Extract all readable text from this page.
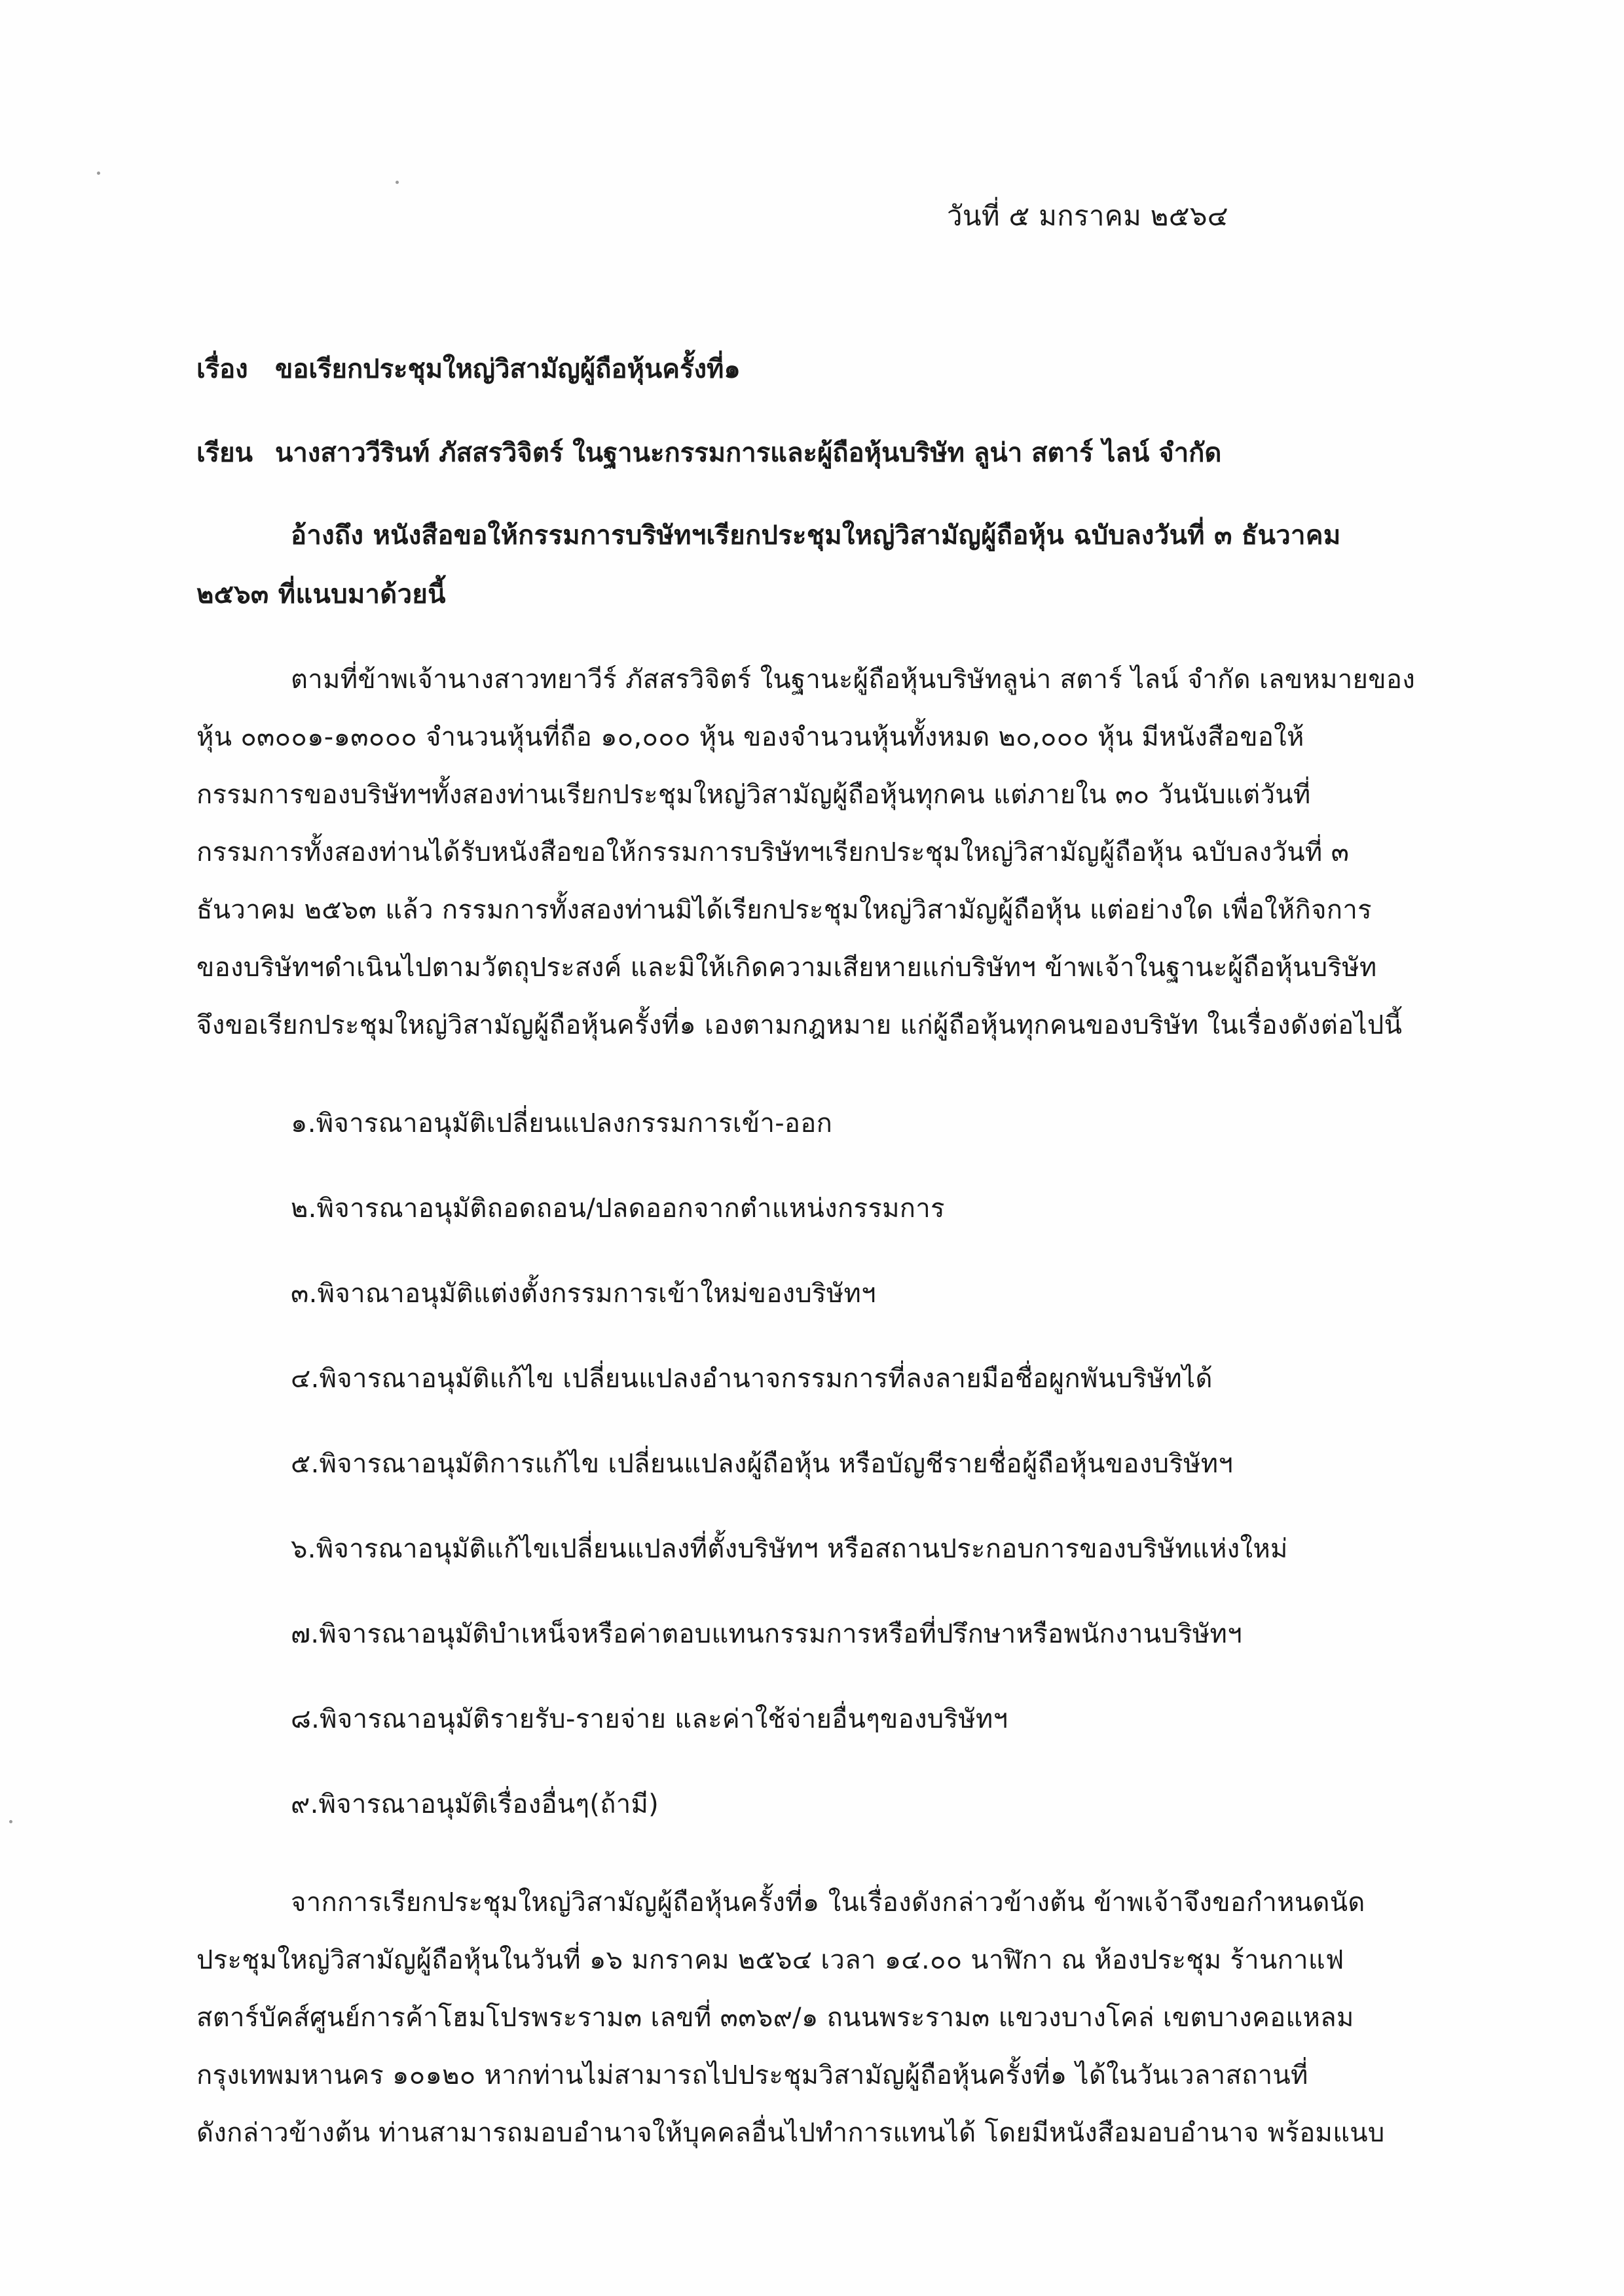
วันที่ ๕ มกราคม ๒๕๖๔
เรื่อง ขอเรียกประชุมใหญ่วิสามัญผู้ถือหุ้นครั้งที่๑
เรียน นางสาววีรินท์ ภัสสรวิจิตร์ ในฐานะกรรมการและผู้ถือหุ้นบริษัท ลูน่า สตาร์ ไลน์ จำกัด
อ้างถึง หนังสือขอให้กรรมการบริษัทฯเรียกประชุมใหญ่วิสามัญผู้ถือหุ้น ฉบับลงวันที่ ๓ ธันวาคม
๒๕๖๓ ที่แนบมาด้วยนี้
ตามที่ข้าพเจ้านางสาวทยาวีร์ ภัสสรวิจิตร์ ในฐานะผู้ถือหุ้นบริษัทลูน่า สตาร์ ไลน์ จำกัด เลขหมายของ
หุ้น ๐๓๐๐๑-๑๓๐๐๐ จำนวนหุ้นที่ถือ ๑๐,๐๐๐ หุ้น ของจำนวนหุ้นทั้งหมด ๒๐,๐๐๐ หุ้น มีหนังสือขอให้
กรรมการของบริษัทฯทั้งสองท่านเรียกประชุมใหญ่วิสามัญผู้ถือหุ้นทุกคน แต่ภายใน ๓๐ วันนับแต่วันที่
กรรมการทั้งสองท่านได้รับหนังสือขอให้กรรมการบริษัทฯเรียกประชุมใหญ่วิสามัญผู้ถือหุ้น ฉบับลงวันที่ ๓
ธันวาคม ๒๕๖๓ แล้ว กรรมการทั้งสองท่านมิได้เรียกประชุมใหญ่วิสามัญผู้ถือหุ้น แต่อย่างใด เพื่อให้กิจการ
ของบริษัทฯดำเนินไปตามวัตถุประสงค์ และมิให้เกิดความเสียหายแก่บริษัทฯ ข้าพเจ้าในฐานะผู้ถือหุ้นบริษัท
จึงขอเรียกประชุมใหญ่วิสามัญผู้ถือหุ้นครั้งที่๑ เองตามกฎหมาย แก่ผู้ถือหุ้นทุกคนของบริษัท ในเรื่องดังต่อไปนี้
๑.พิจารณาอนุมัติเปลี่ยนแปลงกรรมการเข้า-ออก
๒.พิจารณาอนุมัติถอดถอน/ปลดออกจากตำแหน่งกรรมการ
๓.พิจาณาอนุมัติแต่งตั้งกรรมการเข้าใหม่ของบริษัทฯ
๔.พิจารณาอนุมัติแก้ไข เปลี่ยนแปลงอำนาจกรรมการที่ลงลายมือชื่อผูกพันบริษัทได้
๕.พิจารณาอนุมัติการแก้ไข เปลี่ยนแปลงผู้ถือหุ้น หรือบัญชีรายชื่อผู้ถือหุ้นของบริษัทฯ
๖.พิจารณาอนุมัติแก้ไขเปลี่ยนแปลงที่ตั้งบริษัทฯ หรือสถานประกอบการของบริษัทแห่งใหม่
๗.พิจารณาอนุมัติบำเหน็จหรือค่าตอบแทนกรรมการหรือที่ปรึกษาหรือพนักงานบริษัทฯ
๘.พิจารณาอนุมัติรายรับ-รายจ่าย และค่าใช้จ่ายอื่นๆของบริษัทฯ
๙.พิจารณาอนุมัติเรื่องอื่นๆ(ถ้ามี)
จากการเรียกประชุมใหญ่วิสามัญผู้ถือหุ้นครั้งที่๑ ในเรื่องดังกล่าวข้างต้น ข้าพเจ้าจึงขอกำหนดนัด
ประชุมใหญ่วิสามัญผู้ถือหุ้นในวันที่ ๑๖ มกราคม ๒๕๖๔ เวลา ๑๔.๐๐ นาฬิกา ณ ห้องประชุม ร้านกาแฟ
สตาร์บัคส์ศูนย์การค้าโฮมโปรพระราม๓ เลขที่ ๓๓๖๙/๑ ถนนพระราม๓ แขวงบางโคล่ เขตบางคอแหลม
กรุงเทพมหานคร ๑๐๑๒๐ หากท่านไม่สามารถไปประชุมวิสามัญผู้ถือหุ้นครั้งที่๑ ได้ในวันเวลาสถานที่
ดังกล่าวข้างต้น ท่านสามารถมอบอำนาจให้บุคคลอื่นไปทำการแทนได้ โดยมีหนังสือมอบอำนาจ พร้อมแนบ
